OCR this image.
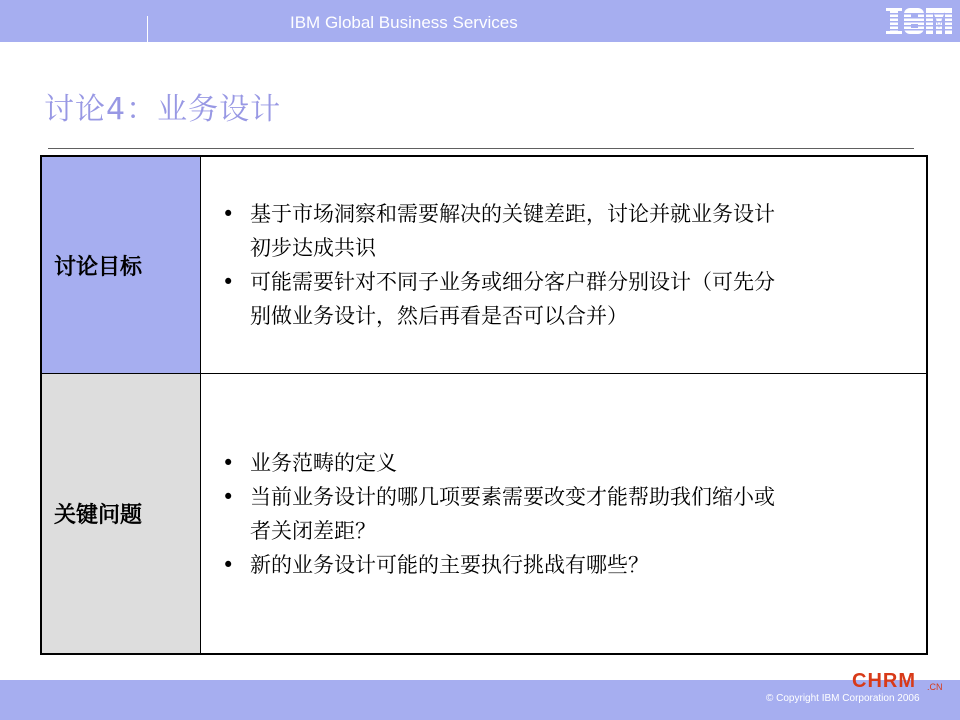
IBM Global Business Services
讨论4：业务设计
讨论目标
• 基于市场洞察和需要解决的关键差距，讨论并就业务设计
初步达成共识
• 可能需要针对不同子业务或细分客户群分别设计（可先分
别做业务设计，然后再看是否可以合并）
关键问题
• 业务范畴的定义
• 当前业务设计的哪几项要素需要改变才能帮助我们缩小或
者关闭差距？
• 新的业务设计可能的主要执行挑战有哪些？
© Copyright IBM Corporation 2006
CHRM .CN
